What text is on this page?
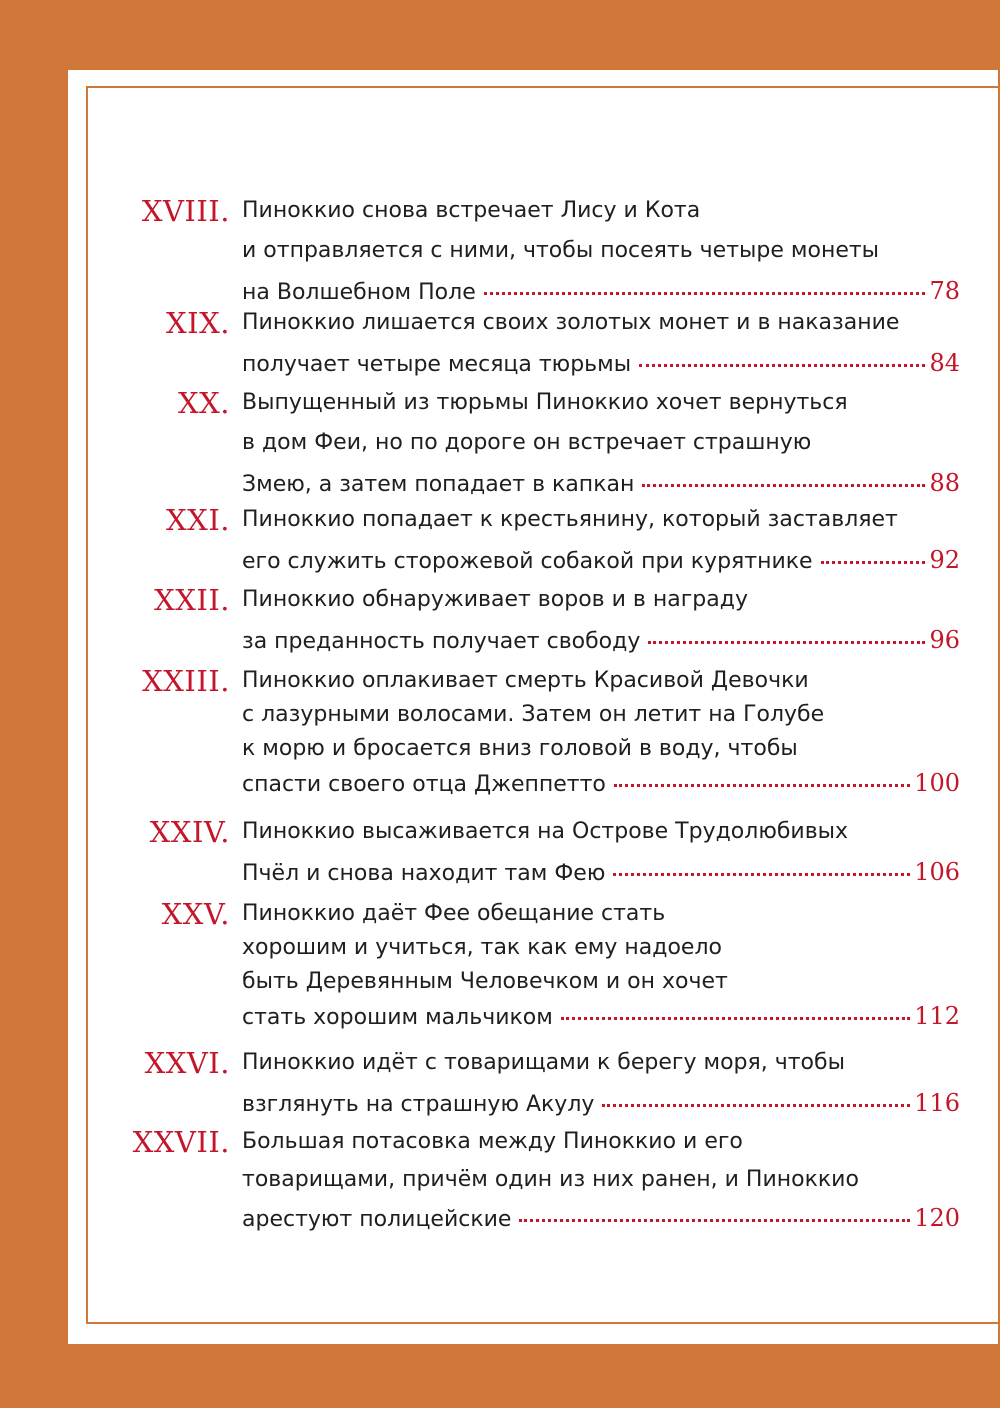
XVIII. Пиноккио снова встречает Лису и Кота
и отправляется с ними, чтобы посеять четыре монеты
на Волшебном Поле	78
XIX. Пиноккио лишается своих золотых монет и в наказание
получает четыре месяца тюрьмы	84
XX. Выпущенный из тюрьмы Пиноккио хочет вернуться
в дом Феи, но по дороге он встречает страшную
Змею, а затем попадает в капкан	88
XXI. Пиноккио попадает к крестьянину, который заставляет
его служить сторожевой собакой при курятнике	92
XXII. Пиноккио обнаруживает воров и в награду
за преданность получает свободу	96
XXIII. Пиноккио оплакивает смерть Красивой Девочки
с лазурными волосами. Затем он летит на Голубе
к морю и бросается вниз головой в воду, чтобы
спасти своего отца Джеппетто	100
XXIV. Пиноккио высаживается на Острове Трудолюбивых
Пчёл и снова находит там Фею	106
XXV. Пиноккио даёт Фее обещание стать
хорошим и учиться, так как ему надоело
быть Деревянным Человечком и он хочет
стать хорошим мальчиком	112
XXVI. Пиноккио идёт с товарищами к берегу моря, чтобы
взглянуть на страшную Акулу	116
XXVII. Большая потасовка между Пиноккио и его
товарищами, причём один из них ранен, и Пиноккио
арестуют полицейские	120
